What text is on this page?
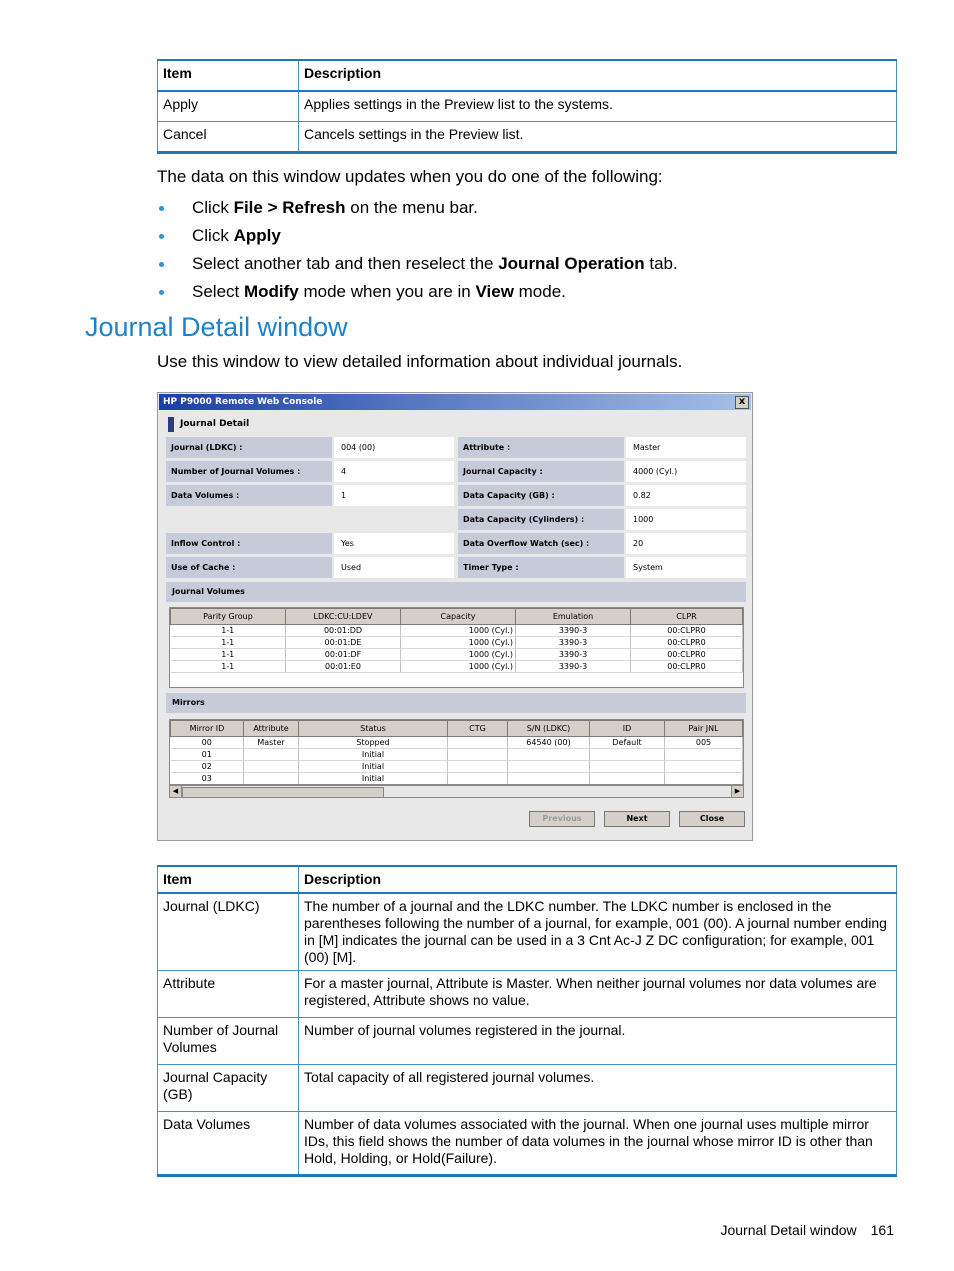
Item	Description
Apply	Applies settings in the Preview list to the systems.
Cancel	Cancels settings in the Preview list.
The data on this window updates when you do one of the following:
Click File > Refresh on the menu bar.
Click Apply
Select another tab and then reselect the Journal Operation tab.
Select Modify mode when you are in View mode.
Journal Detail window
Use this window to view detailed information about individual journals.
HP P9000 Remote Web Console	x
Journal Detail
Journal (LDKC) :	004 (00)	Attribute :	Master
Number of Journal Volumes :	4	Journal Capacity :	4000 (Cyl.)
Data Volumes :	1	Data Capacity (GB) :	0.82
Data Capacity (Cylinders) :	1000
Inflow Control :	Yes	Data Overflow Watch (sec) :	20
Use of Cache :	Used	Timer Type :	System
Journal Volumes
Parity Group	LDKC:CU:LDEV	Capacity	Emulation	CLPR
1-1	00:01:DD	1000 (Cyl.)	3390-3	00:CLPR0
1-1	00:01:DE	1000 (Cyl.)	3390-3	00:CLPR0
1-1	00:01:DF	1000 (Cyl.)	3390-3	00:CLPR0
1-1	00:01:E0	1000 (Cyl.)	3390-3	00:CLPR0
Mirrors
Mirror ID	Attribute	Status	CTG	S/N (LDKC)	ID	Pair JNL
00	Master	Stopped		64540 (00)	Default	005
01		Initial				
02		Initial				
03		Initial				
◀	▶
Previous	Next	Close
Item	Description
Journal (LDKC)	The number of a journal and the LDKC number. The LDKC number is enclosed in the parentheses following the number of a journal, for example, 001 (00). A journal number ending in [M] indicates the journal can be used in a 3 Cnt Ac-J Z DC configuration; for example, 001 (00) [M].
Attribute	For a master journal, Attribute is Master. When neither journal volumes nor data volumes are registered, Attribute shows no value.
Number of Journal Volumes	Number of journal volumes registered in the journal.
Journal Capacity (GB)	Total capacity of all registered journal volumes.
Data Volumes	Number of data volumes associated with the journal. When one journal uses multiple mirror IDs, this field shows the number of data volumes in the journal whose mirror ID is other than Hold, Holding, or Hold(Failure).
Journal Detail window 161
